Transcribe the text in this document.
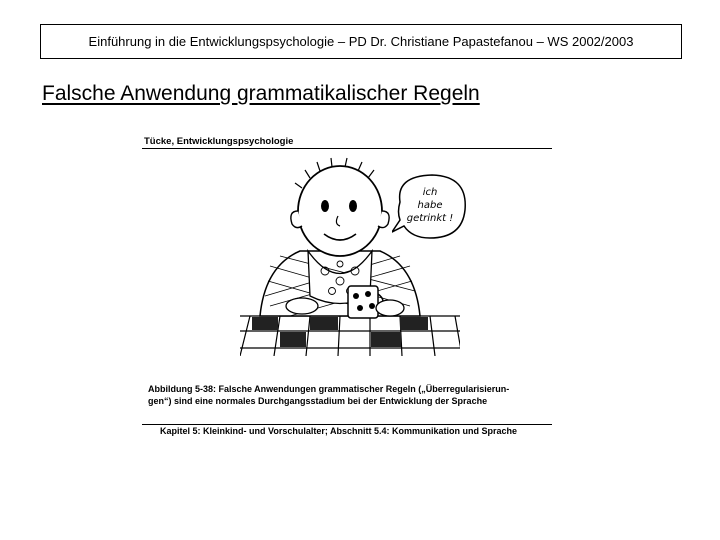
Einführung in die Entwicklungspsychologie – PD Dr. Christiane Papastefanou – WS 2002/2003
Falsche Anwendung grammatikalischer Regeln
Tücke, Entwicklungspsychologie
ich
habe
getrinkt !
Abbildung 5-38: Falsche Anwendungen grammatischer Regeln („Überregularisierun-
gen“) sind eine normales Durchgangsstadium bei der Entwicklung der Sprache
Kapitel 5: Kleinkind- und Vorschulalter; Abschnitt 5.4: Kommunikation und Sprache
